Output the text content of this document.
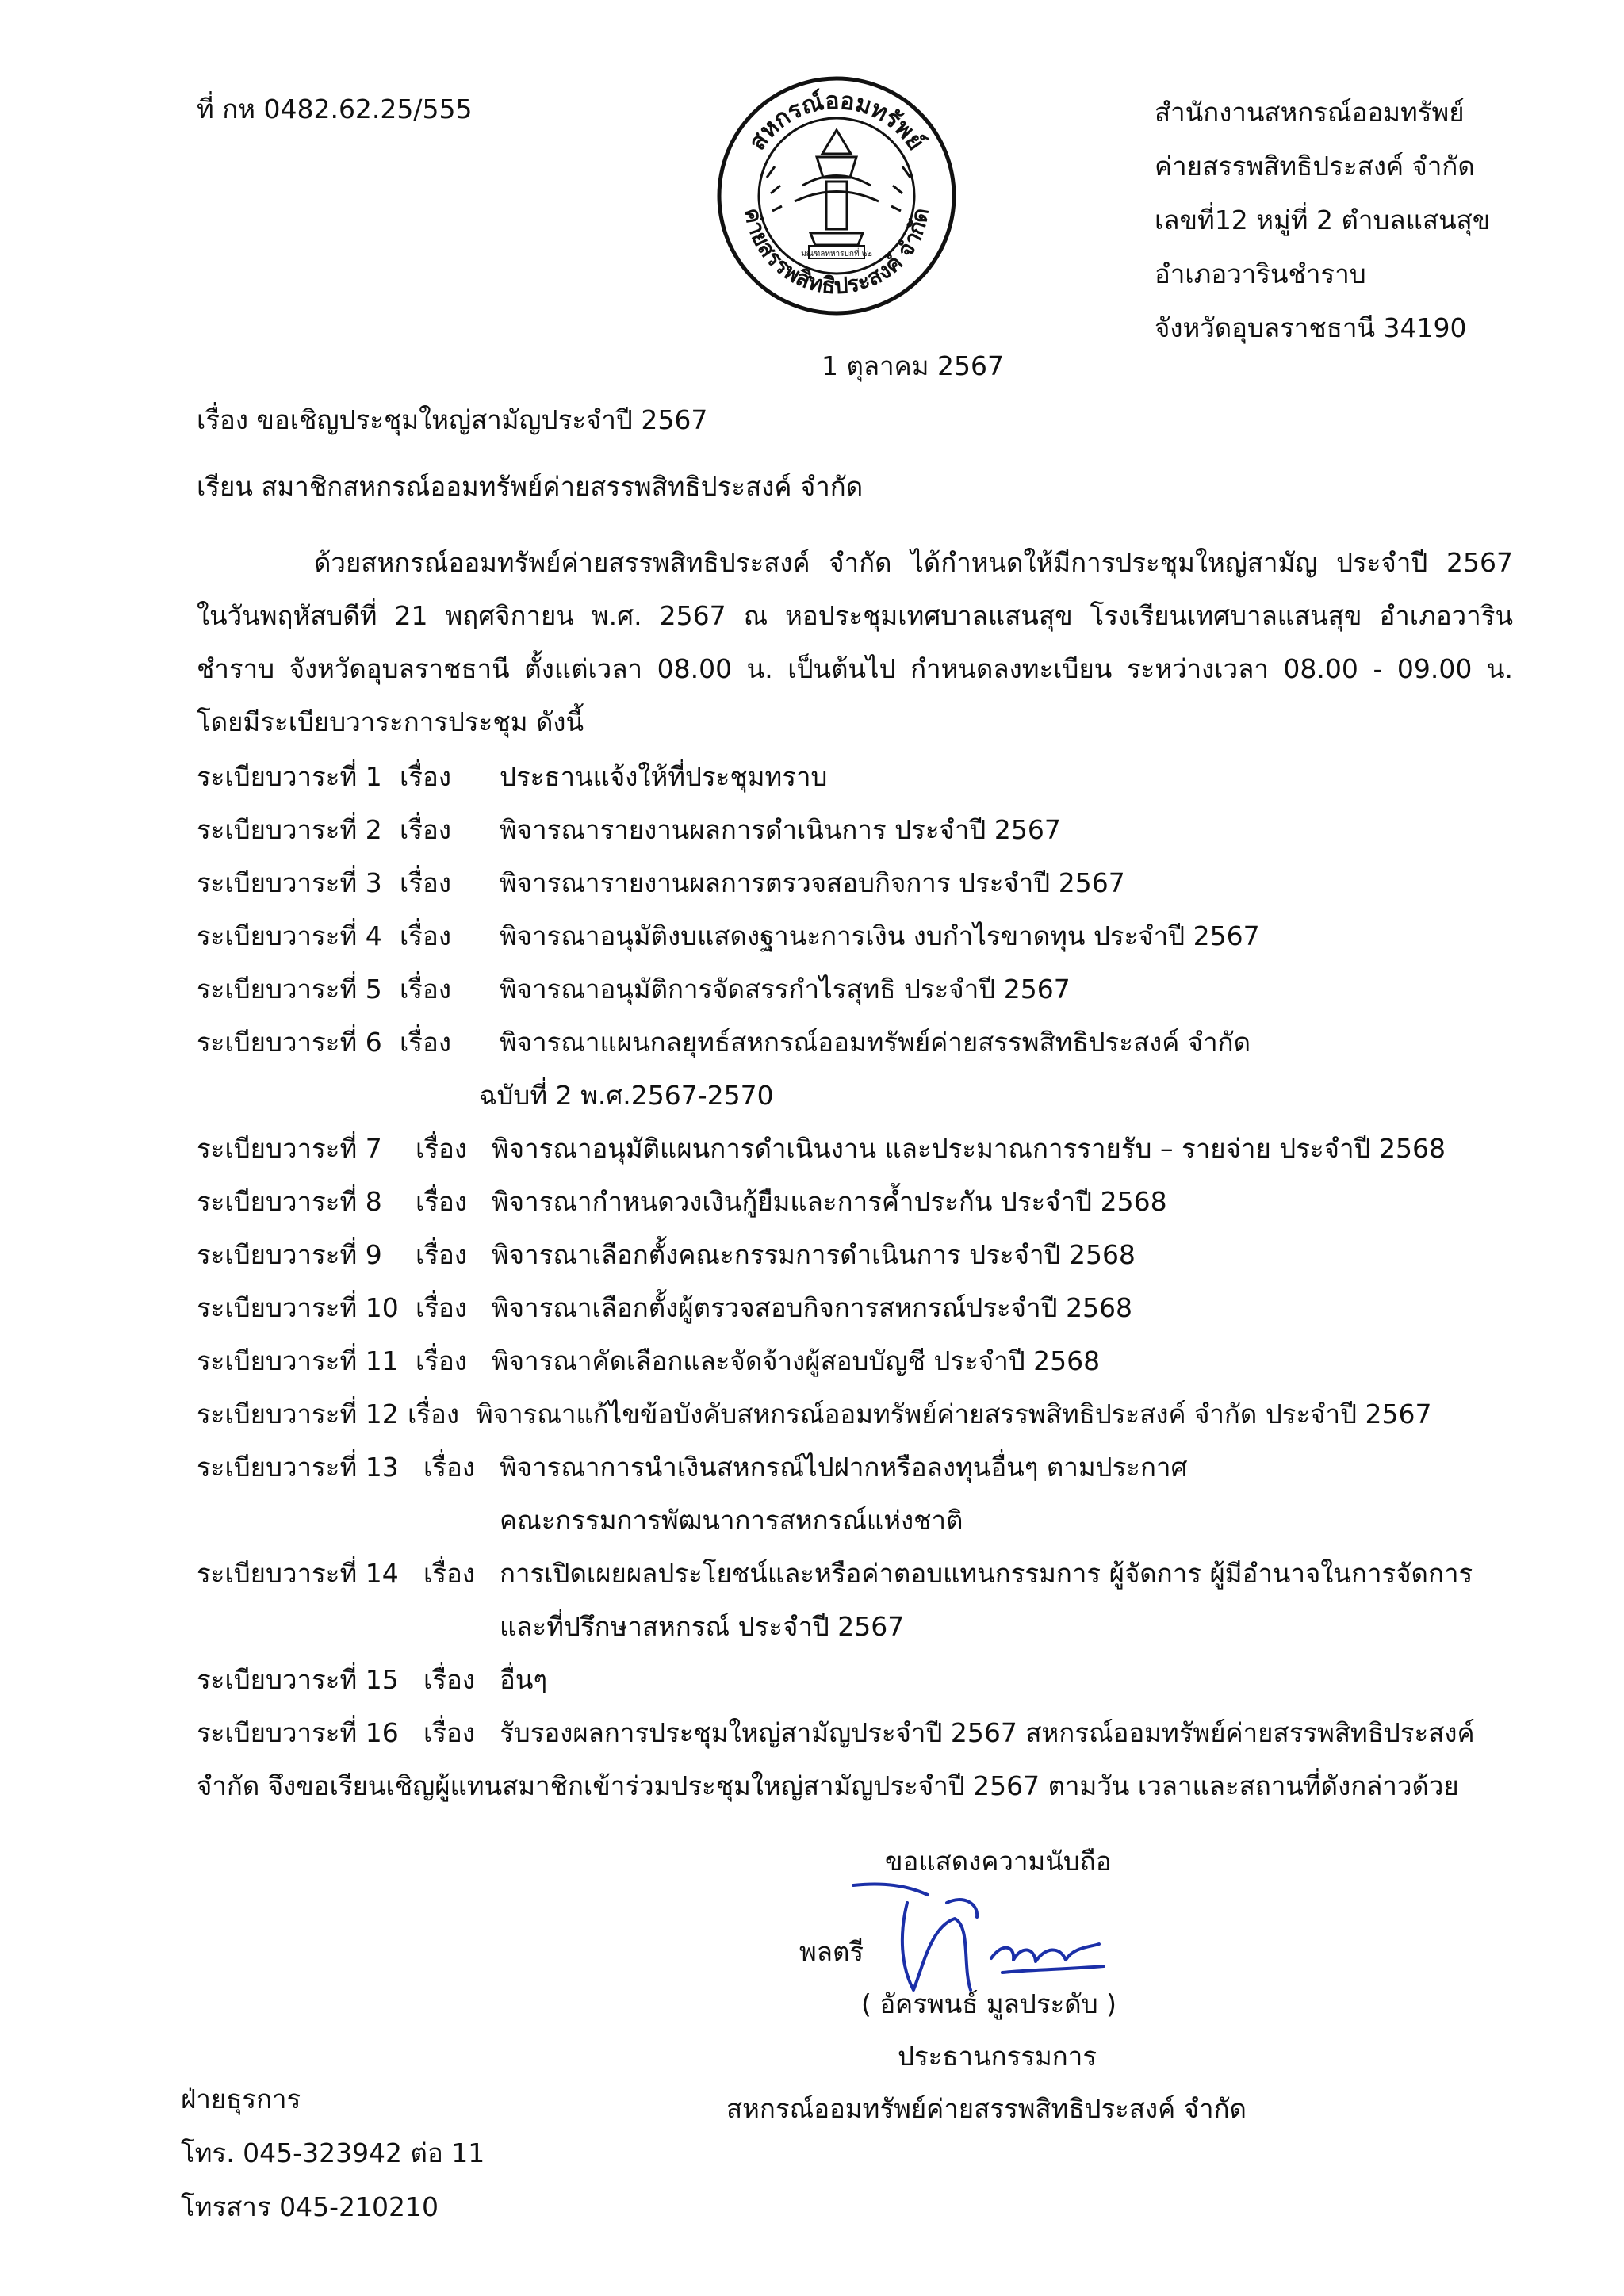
ที่ กห 0482.62.25/555
สหกรณ์ออมทรัพย์
ค่ายสรรพสิทธิประสงค์ จำกัด
มณฑลทหารบกที่ ๒๒
สำนักงานสหกรณ์ออมทรัพย์
ค่ายสรรพสิทธิประสงค์ จำกัด
เลขที่12 หมู่ที่ 2 ตำบลแสนสุข
อำเภอวารินชำราบ
จังหวัดอุบลราชธานี 34190
1 ตุลาคม 2567
เรื่อง ขอเชิญประชุมใหญ่สามัญประจำปี 2567
เรียน สมาชิกสหกรณ์ออมทรัพย์ค่ายสรรพสิทธิประสงค์ จำกัด

ด้วยสหกรณ์ออมทรัพย์ค่ายสรรพสิทธิประสงค์ จำกัด ได้กำหนดให้มีการประชุมใหญ่สามัญ ประจำปี 2567

ในวันพฤหัสบดีที่ 21 พฤศจิกายน พ.ศ. 2567 ณ หอประชุมเทศบาลแสนสุข โรงเรียนเทศบาลแสนสุข อำเภอวาริน

ชำราบ จังหวัดอุบลราชธานี ตั้งแต่เวลา 08.00 น. เป็นต้นไป กำหนดลงทะเบียน ระหว่างเวลา 08.00 - 09.00 น.

โดยมีระเบียบวาระการประชุม ดังนี้

ระเบียบวาระที่ 1 เรื่อง ประธานแจ้งให้ที่ประชุมทราบ
ระเบียบวาระที่ 2 เรื่อง พิจารณารายงานผลการดำเนินการ ประจำปี 2567
ระเบียบวาระที่ 3 เรื่อง พิจารณารายงานผลการตรวจสอบกิจการ ประจำปี 2567
ระเบียบวาระที่ 4 เรื่อง พิจารณาอนุมัติงบแสดงฐานะการเงิน งบกำไรขาดทุน ประจำปี 2567
ระเบียบวาระที่ 5 เรื่อง พิจารณาอนุมัติการจัดสรรกำไรสุทธิ ประจำปี 2567
ระเบียบวาระที่ 6 เรื่อง พิจารณาแผนกลยุทธ์สหกรณ์ออมทรัพย์ค่ายสรรพสิทธิประสงค์ จำกัด
ฉบับที่ 2 พ.ศ.2567-2570
ระเบียบวาระที่ 7 เรื่อง พิจารณาอนุมัติแผนการดำเนินงาน และประมาณการรายรับ – รายจ่าย ประจำปี 2568
ระเบียบวาระที่ 8 เรื่อง พิจารณากำหนดวงเงินกู้ยืมและการค้ำประกัน ประจำปี 2568
ระเบียบวาระที่ 9 เรื่อง พิจารณาเลือกตั้งคณะกรรมการดำเนินการ ประจำปี 2568
ระเบียบวาระที่ 10 เรื่อง พิจารณาเลือกตั้งผู้ตรวจสอบกิจการสหกรณ์ประจำปี 2568
ระเบียบวาระที่ 11 เรื่อง พิจารณาคัดเลือกและจัดจ้างผู้สอบบัญชี ประจำปี 2568
ระเบียบวาระที่ 12 เรื่อง พิจารณาแก้ไขข้อบังคับสหกรณ์ออมทรัพย์ค่ายสรรพสิทธิประสงค์ จำกัด ประจำปี 2567
ระเบียบวาระที่ 13 เรื่อง พิจารณาการนำเงินสหกรณ์ไปฝากหรือลงทุนอื่นๆ ตามประกาศ
คณะกรรมการพัฒนาการสหกรณ์แห่งชาติ
ระเบียบวาระที่ 14 เรื่อง การเปิดเผยผลประโยชน์และหรือค่าตอบแทนกรรมการ ผู้จัดการ ผู้มีอำนาจในการจัดการ
และที่ปรึกษาสหกรณ์ ประจำปี 2567
ระเบียบวาระที่ 15 เรื่อง อื่นๆ
ระเบียบวาระที่ 16 เรื่อง รับรองผลการประชุมใหญ่สามัญประจำปี 2567 สหกรณ์ออมทรัพย์ค่ายสรรพสิทธิประสงค์
จำกัด จึงขอเรียนเชิญผู้แทนสมาชิกเข้าร่วมประชุมใหญ่สามัญประจำปี 2567 ตามวัน เวลาและสถานที่ดังกล่าวด้วย
ขอแสดงความนับถือ
พลตรี
( อัครพนธ์ มูลประดับ )
ประธานกรรมการ
สหกรณ์ออมทรัพย์ค่ายสรรพสิทธิประสงค์ จำกัด
ฝ่ายธุรการ
โทร. 045-323942 ต่อ 11
โทรสาร 045-210210
